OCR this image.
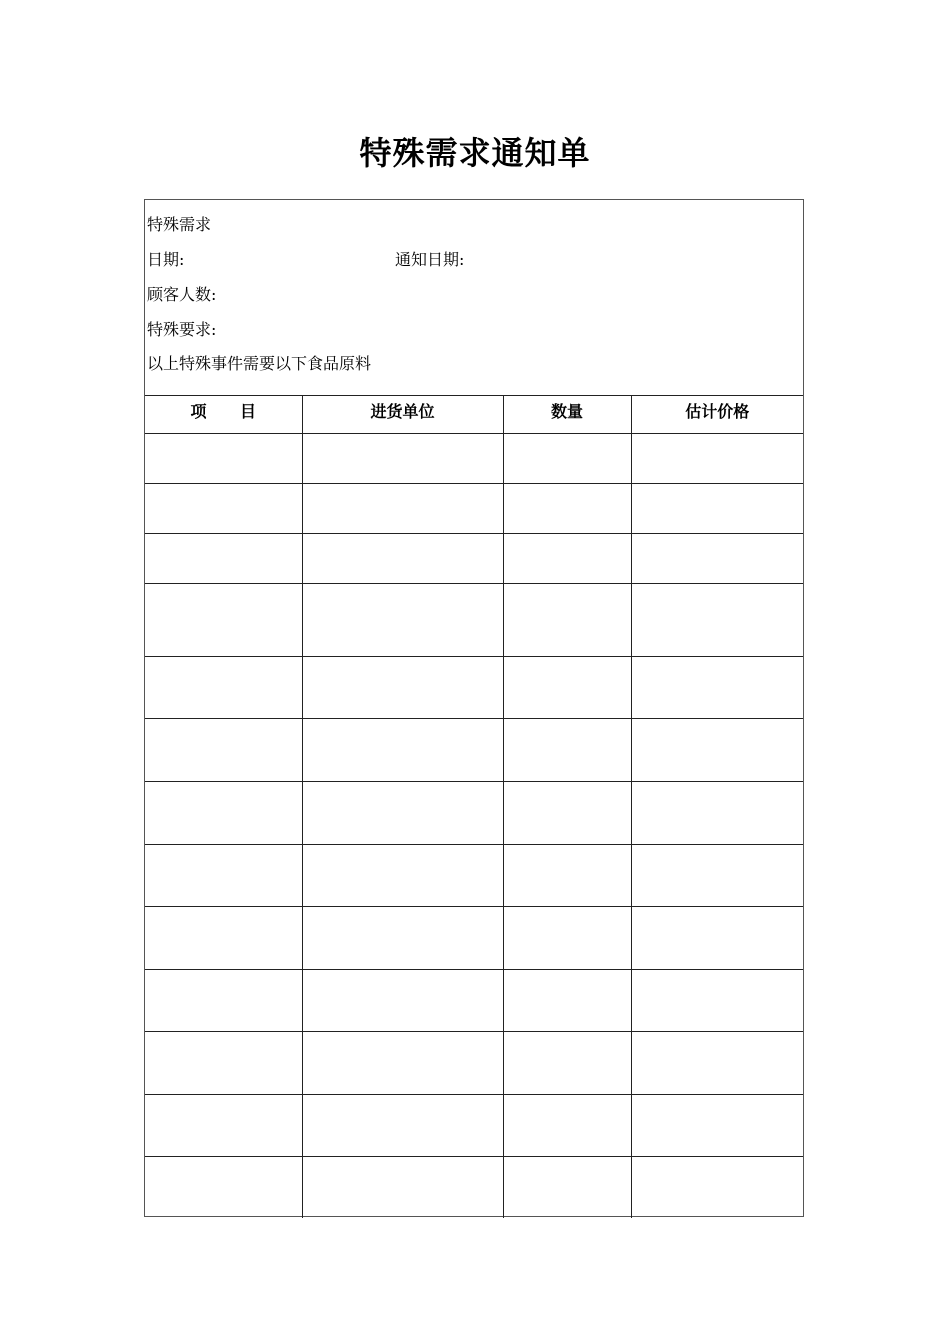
特殊需求通知单
特殊需求
日期:	通知日期:
顾客人数:
特殊要求:
以上特殊事件需要以下食品原料
项      目	进货单位	数量	估计价格
